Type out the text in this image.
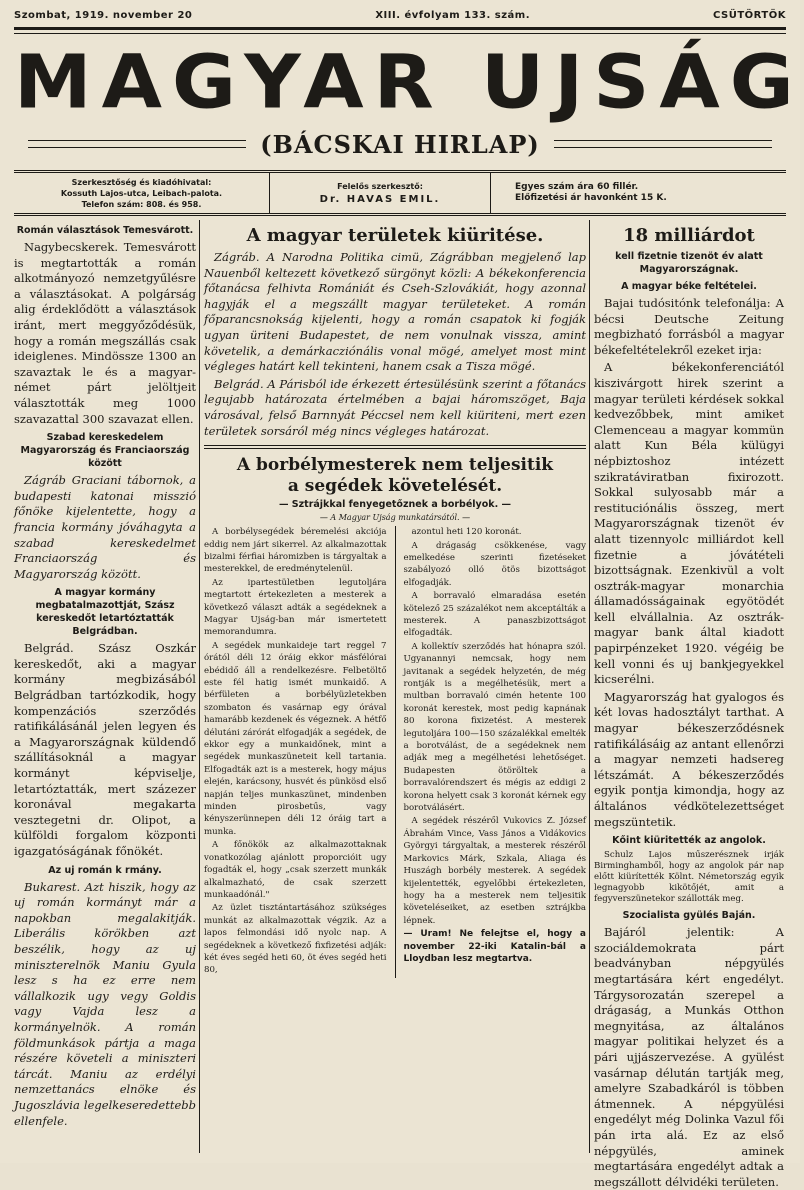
Szombat, 1919. november 20	XIII. évfolyam 133. szám.	CSÜTÖRTÖK
MAGYAR UJSÁG
(BÁCSKAI HIRLAP)
Szerkesztőség és kiadóhivatal:
Kossuth Lajos-utca, Leibach-palota.
Telefon szám: 808. és 958.
Felelős szerkesztő:
Dr. HAVAS EMIL.
Egyes szám ára 60 fillér.
Előfizetési ár havonként 15 K.
Román választások Temesvárott.

Nagybecskerek. Temesvárott is megtartották a román alkotmányozó nemzetgyűlésre a választásokat. A polgárság alig érdeklődött a választások iránt, mert meggyőződésük, hogy a román megszállás csak ideiglenes. Mindössze 1300 an szavaztak le és a magyar-német párt jelöltjeit választották meg 1000 szavazattal 300 szavazat ellen.

Szabad kereskedelem Magyarország és Franciaország között

Zágráb Graciani tábornok, a budapesti katonai misszió főnöke kijelentette, hogy a francia kormány jóváhagyta a szabad kereskedelmet Franciaország és Magyarország között.

A magyar kormány megbatalmazottját, Szász kereskedőt letartóztatták Belgrádban.

Belgrád. Szász Oszkár kereskedőt, aki a magyar kormány megbizásából Belgrádban tartózkodik, hogy kompenzációs szerződés ratifikálásánál jelen legyen és a Magyarországnak küldendő szállításoknál a magyar kormányt képviselje, letartóztatták, mert százezer koronával megakarta vesztegetni dr. Olipot, a külföldi forgalom központi igazgatóságának főnökét.

Az uj román k rmány.

Bukarest. Azt hiszik, hogy az uj román kormányt már a napokban megalakitják. Liberális körökben azt beszélik, hogy az uj miniszterelnök Maniu Gyula lesz s ha ez erre nem vállalkozik ugy vegy Goldis vagy Vajda lesz a kormányelnök. A román földmunkások pártja a maga részére követeli a miniszteri tárcát. Maniu az erdélyi nemzettanács elnöke és Jugoszlávia legelkeseredettebb ellenfele.

A magyar területek kiüritése.

Zágráb. A Narodna Politika cimü, Zágrábban megjelenő lap Nauenből keltezett következő sürgönyt közli: A békekonferencia főtanácsa felhivta Romániát és Cseh-Szlovákiát, hogy azonnal hagyják el a megszállt magyar területeket. A román főparancsnokság kijelenti, hogy a román csapatok ki fogják ugyan üriteni Budapestet, de nem vonulnak vissza, amint követelik, a demárkacziónális vonal mögé, amelyet most mint végleges határt kell tekinteni, hanem csak a Tisza mögé.

Belgrád. A Párisból ide érkezett értesülésünk szerint a főtanács legujabb határozata értelmében a bajai háromszöget, Baja városával, felső Barnnyát Péccsel nem kell kiüriteni, mert ezen területek sorsáról még nincs végleges határozat.

A borbélymesterek nem teljesitik
a segédek követelését.
— Sztrájkkal fenyegetőznek a borbélyok. —
— A Magyar Ujság munkatársától. —

A borbélysegédek béremelési akciója eddig nem járt sikerrel. Az alkalmazottak bizalmi férfiai háromizben is tárgyaltak a mesterekkel, de eredménytelenül.

Az ipartestületben legutoljára megtartott értekezleten a mesterek a következő választ adták a segédeknek a Magyar Ujság-ban már ismertetett memorandumra.

A segédek munkaideje tart reggel 7 órától déli 12 óráig ekkor másfélórai ebédidő áll a rendelkezésre. Felbetöltő este fél hatig ismét munkaidő. A bérfületen a borbélyüzletekben szombaton és vasárnap egy órával hamarább kezdenek és végeznek. A hétfő délutáni zárórát elfogadják a segédek, de ekkor egy a munkaidőnek, mint a segédek munkaszüneteit kell tartania. Elfogadták azt is a mesterek, hogy május elején, karácsony, husvét és pünkösd első napján teljes munkaszünet, mindenben minden pirosbetűs, vagy kényszerünnepen déli 12 óráig tart a munka.

A főnökök az alkalmazottaknak vonatkozólag ajánlott proporcióit ugy fogadták el, hogy „csak szerzett munkák alkalmazható, de csak szerzett munkaadónál."

Az üzlet tisztántartásához szükséges munkát az alkalmazottak végzik. Az a lapos felmondási idő nyolc nap. A segédeknek a következő fixfizetési adják: két éves segéd heti 60, öt éves segéd heti 80,

azontul heti 120 koronát.

A drágaság csökkenése, vagy emelkedése szerinti fizetéseket szabályozó olló ötös bizottságot elfogadják.

A borravaló elmaradása esetén kötelező 25 százalékot nem akceptálták a mesterek. A panaszbizottságot elfogadták.

A kollektív szerződés hat hónapra szól. Ugyanannyi nemcsak, hogy nem javitanak a segédek helyzetén, de még rontják is a megélhetésük, mert a multban borravaló cimén hetente 100 koronát kerestek, most pedig kapnának 80 korona fixizetést. A mesterek legutoljára 100—150 százalékkal emelték a borotválást, de a segédeknek nem adják meg a megélhetési lehetőséget. Budapesten ötöröltek a borravalórendszert és mégis az eddigi 2 korona helyett csak 3 koronát kérnek egy borotválásért.

A segédek részéről Vukovics Z. József Ábrahám Vince, Vass János a Vidákovics Györgyi tárgyaltak, a mesterek részéről Markovics Márk, Szkala, Aliaga és Huszágh borbély mesterek. A segédek kijelentették, egyelőbbi értekezleten, hogy ha a mesterek nem teljesitik követeléseiket, az esetben sztrájkba lépnek.

— Uram! Ne felejtse el, hogy a november 22-iki Katalin-bál a Lloydban lesz megtartva.

18 milliárdot
kell fizetnie tizenöt év alatt Magyarországnak.
A magyar béke feltételei.

Bajai tudósitónk telefonálja: A bécsi Deutsche Zeitung megbizható forrásból a magyar békefeltételekről ezeket irja:

A békekonferenciától kiszivárgott hirek szerint a magyar területi kérdések sokkal kedvezőbbek, mint amiket Clemenceau a magyar kommün alatt Kun Béla külügyi népbiztoshoz intézett szikratáviratban fixirozott. Sokkal sulyosabb már a restituciónális összeg, mert Magyarországnak tizenöt év alatt tizennyolc milliárdot kell fizetnie a jóvátételi bizottságnak. Ezenkivül a volt osztrák-magyar monarchia államadósságainak egyötödét kell elvállalnia. Az osztrák-magyar bank által kiadott papirpénzeket 1920. végéig be kell vonni és uj bankjegyekkel kicserélni.

Magyarország hat gyalogos és két lovas hadosztályt tarthat. A magyar békeszerződésnek ratifikálásáig az antant ellenőrzi a magyar nemzeti hadsereg létszámát. A békeszerződés egyik pontja kimondja, hogy az általános védkötelezettséget megszüntetik.

Kőint kiüritették az angolok.

Schulz Lajos műszerésznek irják Birminghamből, hogy az angolok pár nap előtt kiürítették Kölnt. Németország egyik legnagyobb kikötőjét, amit a fegyverszünetekor szállották meg.

Szocialista gyülés Baján.

Bajáról jelentik: A szociáldemokrata párt beadványban népgyülés megtartására kért engedélyt. Tárgysorozatán szerepel a drágaság, a Munkás Otthon megnyitása, az általános magyar politikai helyzet és a pári ujjászervezése. A gyülést vasárnap délután tartják meg, amelyre Szabadkáról is többen átmennek. A népgyülési engedélyt még Dolinka Vazul fői pán irta alá. Ez az első népgyülés, aminek megtartására engedélyt adtak a megszállott délvidéki területen.
